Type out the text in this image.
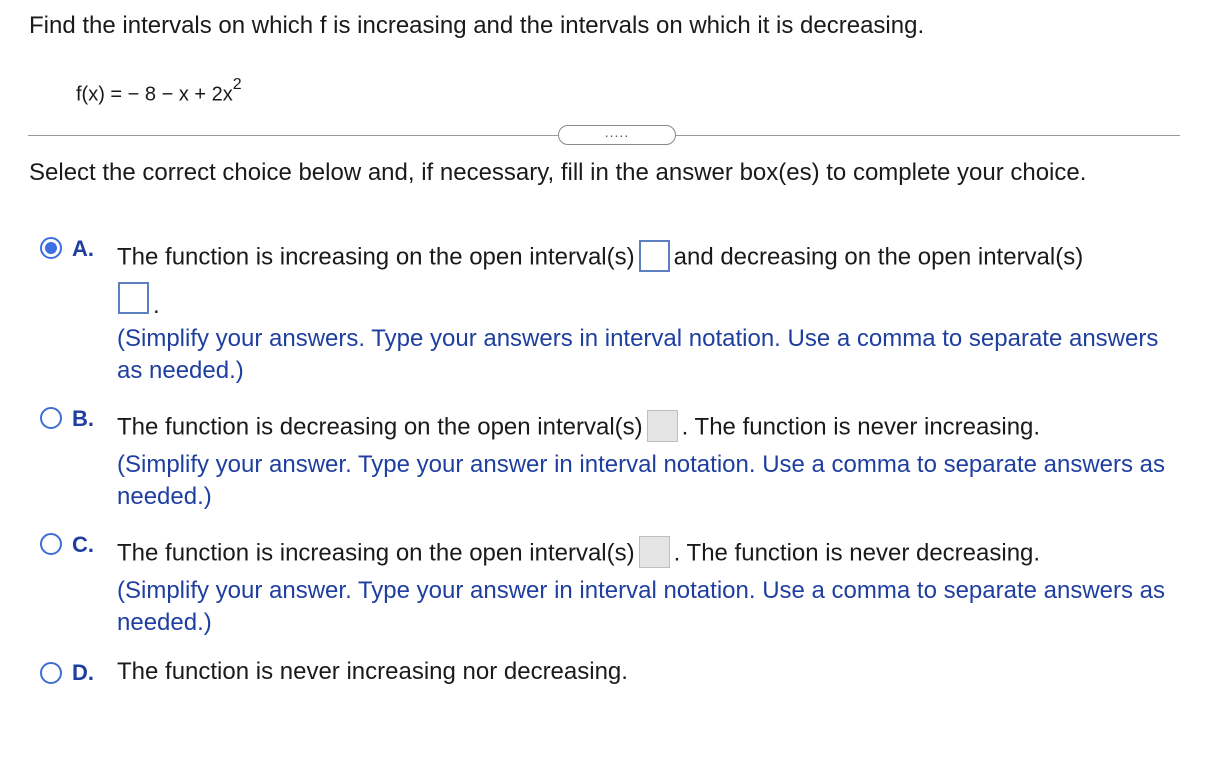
Find the intervals on which f is increasing and the intervals on which it is decreasing.
f(x) = − $8 - x + 2x^2$
.....
Select the correct choice below and, if necessary, fill in the answer box(es) to complete your choice.
A. The function is increasing on the open interval(s) and decreasing on the open interval(s)
.
(Simplify your answers. Type your answers in interval notation. Use a comma to separate answers as needed.)
B. The function is decreasing on the open interval(s) . The function is never increasing.
(Simplify your answer. Type your answer in interval notation. Use a comma to separate answers as needed.)
C. The function is increasing on the open interval(s) . The function is never decreasing.
(Simplify your answer. Type your answer in interval notation. Use a comma to separate answers as needed.)
D. The function is never increasing nor decreasing.
